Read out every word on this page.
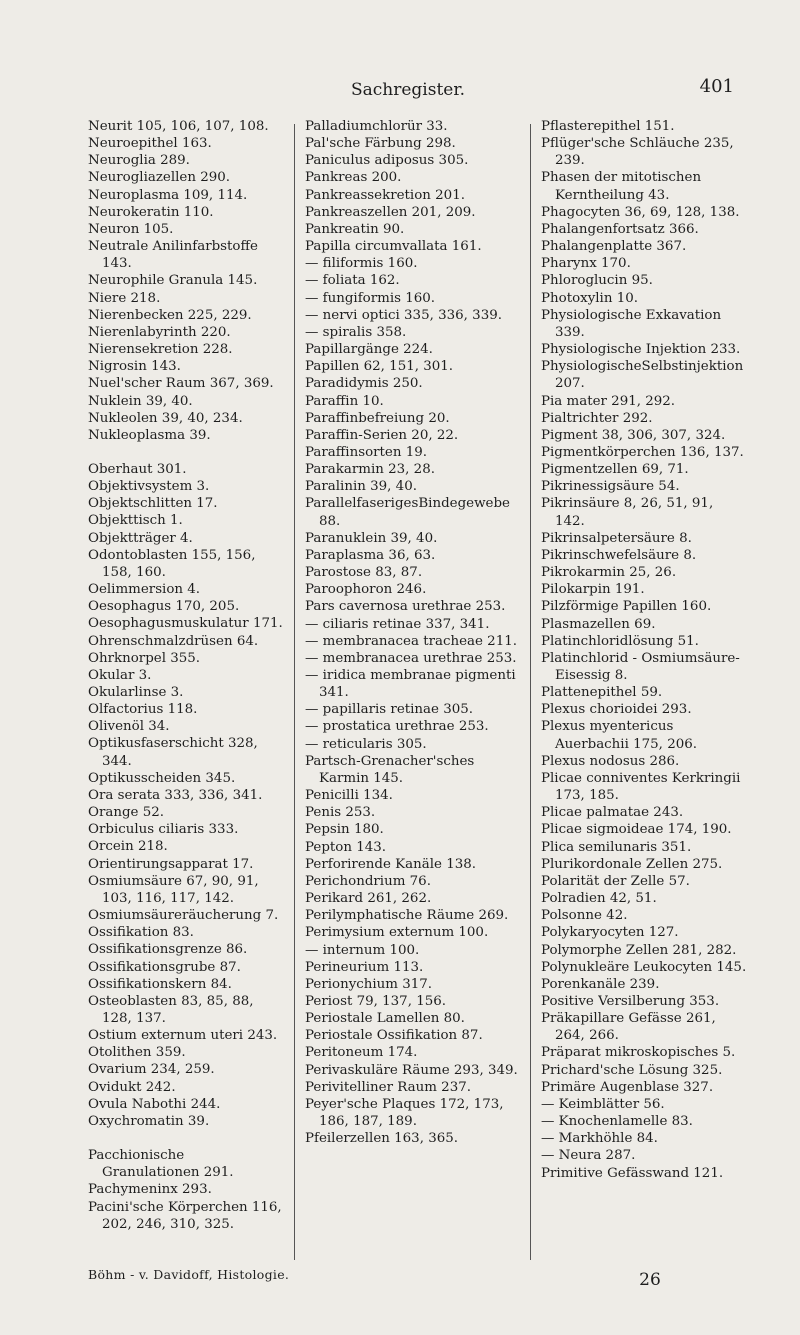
Sachregister.	401
Neurit 105, 106, 107, 108.
Neuroepithel 163.
Neuroglia 289.
Neurogliazellen 290.
Neuroplasma 109, 114.
Neurokeratin 110.
Neuron 105.
Neutrale Anilinfarbstoffe 143.
Neurophile Granula 145.
Niere 218.
Nierenbecken 225, 229.
Nierenlabyrinth 220.
Nierensekretion 228.
Nigrosin 143.
Nuel'scher Raum 367, 369.
Nuklein 39, 40.
Nukleolen 39, 40, 234.
Nukleoplasma 39.
Oberhaut 301.
Objektivsystem 3.
Objektschlitten 17.
Objekttisch 1.
Objektträger 4.
Odontoblasten 155, 156, 158, 160.
Oelimmersion 4.
Oesophagus 170, 205.
Oesophagusmuskulatur 171.
Ohrenschmalzdrüsen 64.
Ohrknorpel 355.
Okular 3.
Okularlinse 3.
Olfactorius 118.
Olivenöl 34.
Optikusfaserschicht 328, 344.
Optikusscheiden 345.
Ora serata 333, 336, 341.
Orange 52.
Orbiculus ciliaris 333.
Orcein 218.
Orientirungsapparat 17.
Osmiumsäure 67, 90, 91, 103, 116, 117, 142.
Osmiumsäureräucherung 7.
Ossifikation 83.
Ossifikationsgrenze 86.
Ossifikationsgrube 87.
Ossifikationskern 84.
Osteoblasten 83, 85, 88, 128, 137.
Ostium externum uteri 243.
Otolithen 359.
Ovarium 234, 259.
Ovidukt 242.
Ovula Nabothi 244.
Oxychromatin 39.
Pacchionische Granulationen 291.
Pachymeninx 293.
Pacini'sche Körperchen 116, 202, 246, 310, 325.
Palladiumchlorür 33.
Pal'sche Färbung 298.
Paniculus adiposus 305.
Pankreas 200.
Pankreassekretion 201.
Pankreaszellen 201, 209.
Pankreatin 90.
Papilla circumvallata 161.
— filiformis 160.
— foliata 162.
— fungiformis 160.
— nervi optici 335, 336, 339.
— spiralis 358.
Papillargänge 224.
Papillen 62, 151, 301.
Paradidymis 250.
Paraffin 10.
Paraffinbefreiung 20.
Paraffin-Serien 20, 22.
Paraffinsorten 19.
Parakarmin 23, 28.
Paralinin 39, 40.
ParallelfaserigesBindegewebe 88.
Paranuklein 39, 40.
Paraplasma 36, 63.
Parostose 83, 87.
Paroophoron 246.
Pars cavernosa urethrae 253.
— ciliaris retinae 337, 341.
— membranacea tracheae 211.
— membranacea urethrae 253.
— iridica membranae pigmenti 341.
— papillaris retinae 305.
— prostatica urethrae 253.
— reticularis 305.
Partsch-Grenacher'sches Karmin 145.
Penicilli 134.
Penis 253.
Pepsin 180.
Pepton 143.
Perforirende Kanäle 138.
Perichondrium 76.
Perikard 261, 262.
Perilymphatische Räume 269.
Perimysium externum 100.
— internum 100.
Perineurium 113.
Perionychium 317.
Periost 79, 137, 156.
Periostale Lamellen 80.
Periostale Ossifikation 87.
Peritoneum 174.
Perivaskuläre Räume 293, 349.
Perivitelliner Raum 237.
Peyer'sche Plaques 172, 173, 186, 187, 189.
Pfeilerzellen 163, 365.
Pflasterepithel 151.
Pflüger'sche Schläuche 235, 239.
Phasen der mitotischen Kerntheilung 43.
Phagocyten 36, 69, 128, 138.
Phalangenfortsatz 366.
Phalangenplatte 367.
Pharynx 170.
Phloroglucin 95.
Photoxylin 10.
Physiologische Exkavation 339.
Physiologische Injektion 233.
PhysiologischeSelbstinjektion 207.
Pia mater 291, 292.
Pialtrichter 292.
Pigment 38, 306, 307, 324.
Pigmentkörperchen 136, 137.
Pigmentzellen 69, 71.
Pikrinessigsäure 54.
Pikrinsäure 8, 26, 51, 91, 142.
Pikrinsalpetersäure 8.
Pikrinschwefelsäure 8.
Pikrokarmin 25, 26.
Pilokarpin 191.
Pilzförmige Papillen 160.
Plasmazellen 69.
Platinchloridlösung 51.
Platinchlorid - Osmiumsäure-Eisessig 8.
Plattenepithel 59.
Plexus chorioidei 293.
Plexus myentericus Auerbachii 175, 206.
Plexus nodosus 286.
Plicae conniventes Kerkringii 173, 185.
Plicae palmatae 243.
Plicae sigmoideae 174, 190.
Plica semilunaris 351.
Plurikordonale Zellen 275.
Polarität der Zelle 57.
Polradien 42, 51.
Polsonne 42.
Polykaryocyten 127.
Polymorphe Zellen 281, 282.
Polynukleäre Leukocyten 145.
Porenkanäle 239.
Positive Versilberung 353.
Präkapillare Gefässe 261, 264, 266.
Präparat mikroskopisches 5.
Prichard'sche Lösung 325.
Primäre Augenblase 327.
— Keimblätter 56.
— Knochenlamelle 83.
— Markhöhle 84.
— Neura 287.
Primitive Gefässwand 121.
Böhm - v. Davidoff, Histologie.	26
